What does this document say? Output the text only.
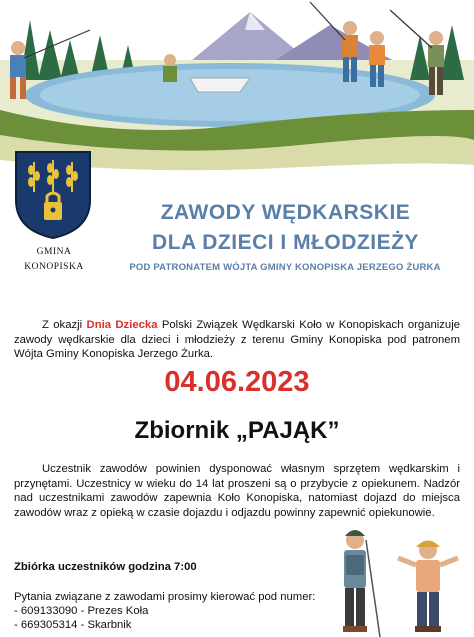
GMINA
KONOPISKA
ZAWODY WĘDKARSKIE
DLA DZIECI I MŁODZIEŻY
POD PATRONATEM WÓJTA GMINY KONOPISKA JERZEGO ŻURKA
Z okazji Dnia Dziecka Polski Związek Wędkarski Koło w Konopiskach organizuje zawody wędkarskie dla dzieci i młodzieży z terenu Gminy Konopiska pod patronem Wójta Gminy Konopiska Jerzego Żurka.
04.06.2023
Zbiornik „PAJĄK”
Uczestnik zawodów powinien dysponować własnym sprzętem wędkarskim i przynętami. Uczestnicy w wieku do 14 lat proszeni są o przybycie z opiekunem. Nadzór nad uczestnikami zawodów zapewnia Koło Konopiska, natomiast dojazd do miejsca zawodów wraz z opieką w czasie dojazdu i odjazdu powinny zapewnić opiekunowie.
Zbiórka uczestników godzina 7:00
Pytania związane z zawodami prosimy kierować pod numer:
- 609133090 - Prezes Koła
- 669305314 - Skarbnik
